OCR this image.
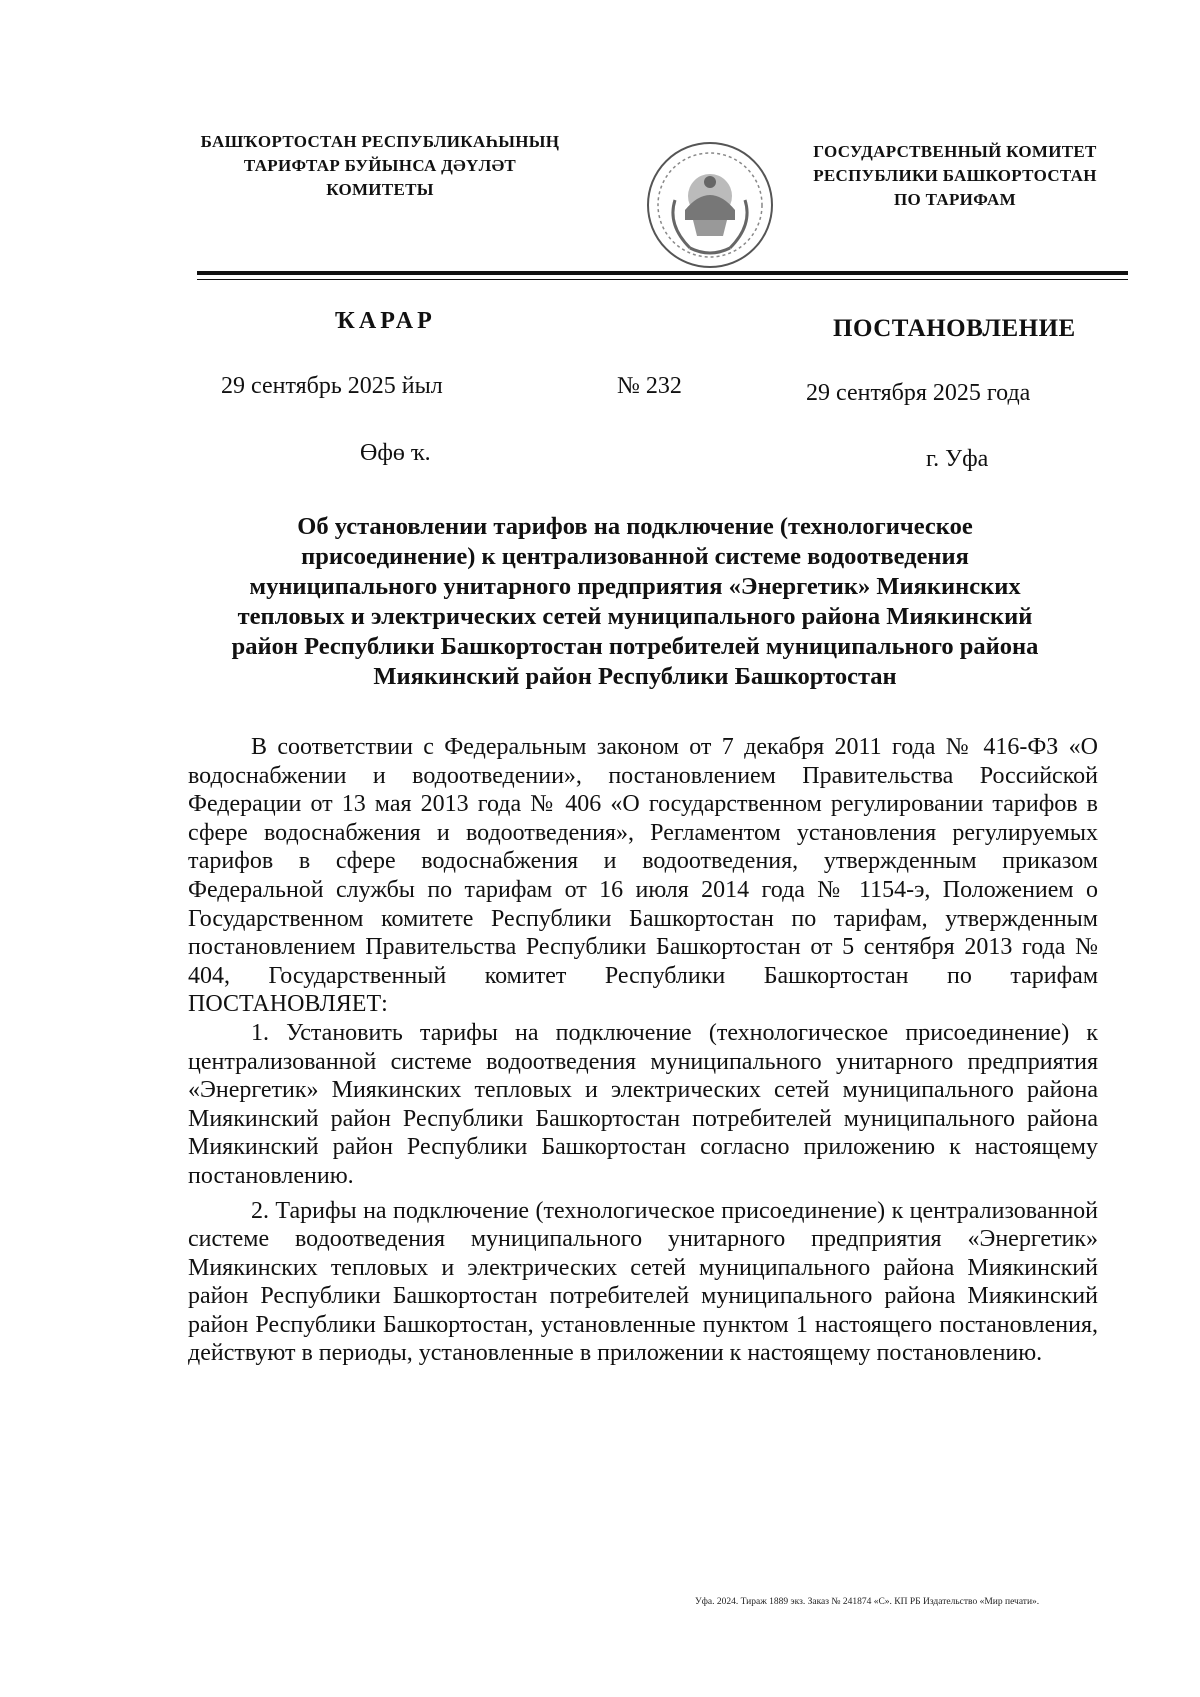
БАШҠОРТОСТАН РЕСПУБЛИКАҺЫНЫҢ
ТАРИФТАР БУЙЫНСА ДӘҮЛӘТ
КОМИТЕТЫ
ГОСУДАРСТВЕННЫЙ КОМИТЕТ
РЕСПУБЛИКИ БАШКОРТОСТАН
ПО ТАРИФАМ
ҠАРАР	ПОСТАНОВЛЕНИЕ
29 сентябрь 2025 йыл	№ 232	29 сентября 2025 года
Өфө ҡ.	г. Уфа
Об установлении тарифов на подключение (технологическое
присоединение) к централизованной системе водоотведения
муниципального унитарного предприятия «Энергетик» Миякинских
тепловых и электрических сетей муниципального района Миякинский
район Республики Башкортостан потребителей муниципального района
Миякинский район Республики Башкортостан

В соответствии с Федеральным законом от 7 декабря 2011 года № 416-ФЗ «О водоснабжении и водоотведении», постановлением Правительства Российской Федерации от 13 мая 2013 года № 406 «О государственном регулировании тарифов в сфере водоснабжения и водоотведения», Регламентом установления регулируемых тарифов в сфере водоснабжения и водоотведения, утвержденным приказом Федеральной службы по тарифам от 16 июля 2014 года № 1154-э, Положением о Государственном комитете Республики Башкортостан по тарифам, утвержденным постановлением Правительства Республики Башкортостан от 5 сентября 2013 года № 404, Государственный комитет Республики Башкортостан по тарифам ПОСТАНОВЛЯЕТ:

1. Установить тарифы на подключение (технологическое присоединение) к централизованной системе водоотведения муниципального унитарного предприятия «Энергетик» Миякинских тепловых и электрических сетей муниципального района Миякинский район Республики Башкортостан потребителей муниципального района Миякинский район Республики Башкортостан согласно приложению к настоящему постановлению.

2. Тарифы на подключение (технологическое присоединение) к централизованной системе водоотведения муниципального унитарного предприятия «Энергетик» Миякинских тепловых и электрических сетей муниципального района Миякинский район Республики Башкортостан потребителей муниципального района Миякинский район Республики Башкортостан, установленные пунктом 1 настоящего постановления, действуют в периоды, установленные в приложении к настоящему постановлению.

Уфа. 2024. Тираж 1889 экз. Заказ № 241874 «С». КП РБ Издательство «Мир печати».
